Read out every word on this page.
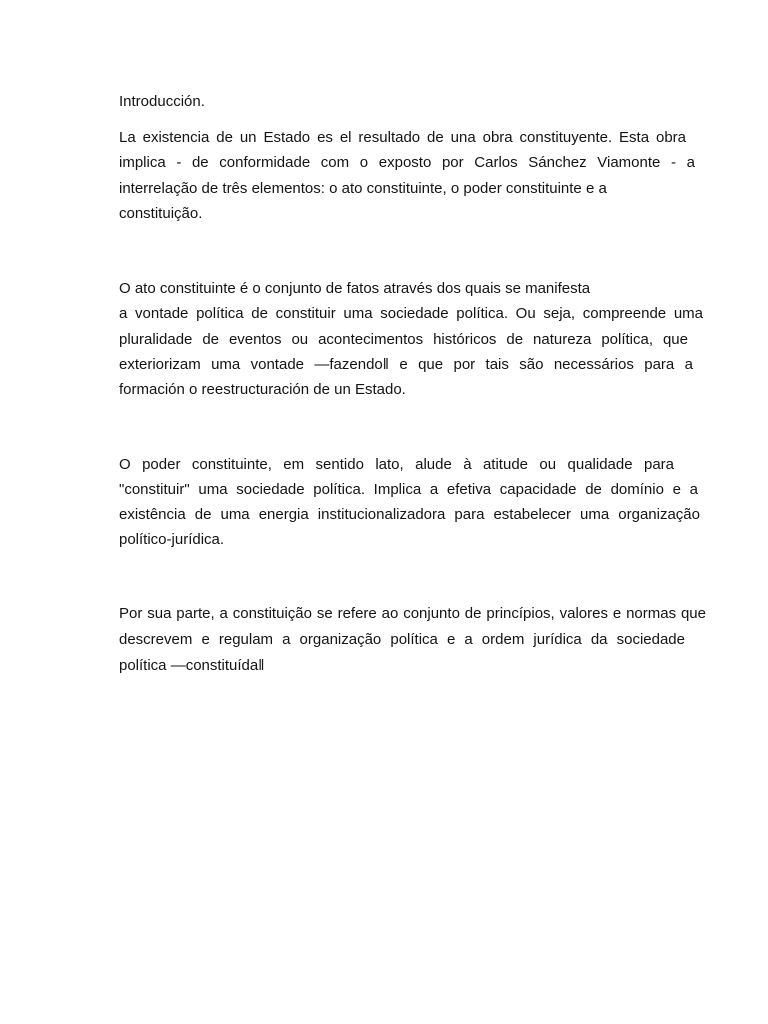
Introducción.
La existencia de un Estado es el resultado de una obra constituyente. Esta obra
implica - de conformidade com o exposto por Carlos Sánchez Viamonte - a
interrelação de três elementos: o ato constituinte, o poder constituinte e a
constituição.
O ato constituinte é o conjunto de fatos através dos quais se manifesta
a vontade política de constituir uma sociedade política. Ou seja, compreende uma
pluralidade de eventos ou acontecimentos históricos de natureza política, que
exteriorizam uma vontade ―fazendo‖ e que por tais são necessários para a
formación o reestructuración de un Estado.
O poder constituinte, em sentido lato, alude à atitude ou qualidade para
"constituir" uma sociedade política. Implica a efetiva capacidade de domínio e a
existência de uma energia institucionalizadora para estabelecer uma organização
político-jurídica.
Por sua parte, a constituição se refere ao conjunto de princípios, valores e normas que
descrevem e regulam a organização política e a ordem jurídica da sociedade
política ―constituída‖
